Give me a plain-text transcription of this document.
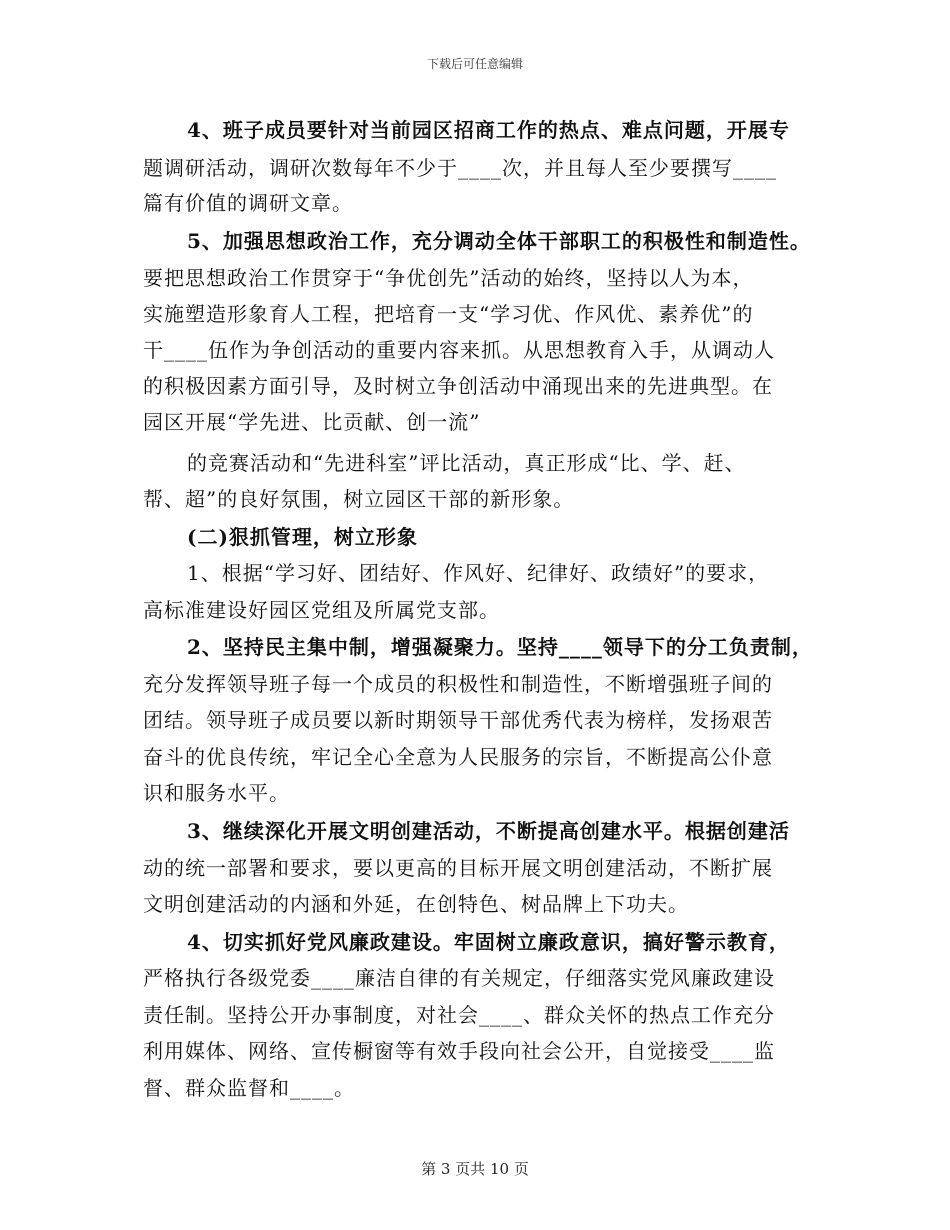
下载后可任意编辑
4、班子成员要针对当前园区招商工作的热点、难点问题，开展专
题调研活动，调研次数每年不少于____次，并且每人至少要撰写____
篇有价值的调研文章。
5、加强思想政治工作，充分调动全体干部职工的积极性和制造性。
要把思想政治工作贯穿于“争优创先”活动的始终，坚持以人为本，
实施塑造形象育人工程，把培育一支“学习优、作风优、素养优”的
干____伍作为争创活动的重要内容来抓。从思想教育入手，从调动人
的积极因素方面引导，及时树立争创活动中涌现出来的先进典型。在
园区开展“学先进、比贡献、创一流”
的竞赛活动和“先进科室”评比活动，真正形成“比、学、赶、
帮、超”的良好氛围，树立园区干部的新形象。
(二)狠抓管理，树立形象
1、根据“学习好、团结好、作风好、纪律好、政绩好”的要求，
高标准建设好园区党组及所属党支部。
2、坚持民主集中制，增强凝聚力。坚持____领导下的分工负责制，
充分发挥领导班子每一个成员的积极性和制造性，不断增强班子间的
团结。领导班子成员要以新时期领导干部优秀代表为榜样，发扬艰苦
奋斗的优良传统，牢记全心全意为人民服务的宗旨，不断提高公仆意
识和服务水平。
3、继续深化开展文明创建活动，不断提高创建水平。根据创建活
动的统一部署和要求，要以更高的目标开展文明创建活动，不断扩展
文明创建活动的内涵和外延，在创特色、树品牌上下功夫。
4、切实抓好党风廉政建设。牢固树立廉政意识，搞好警示教育，
严格执行各级党委____廉洁自律的有关规定，仔细落实党风廉政建设
责任制。坚持公开办事制度，对社会____、群众关怀的热点工作充分
利用媒体、网络、宣传橱窗等有效手段向社会公开，自觉接受____监
督、群众监督和____。
第 3 页共 10 页
